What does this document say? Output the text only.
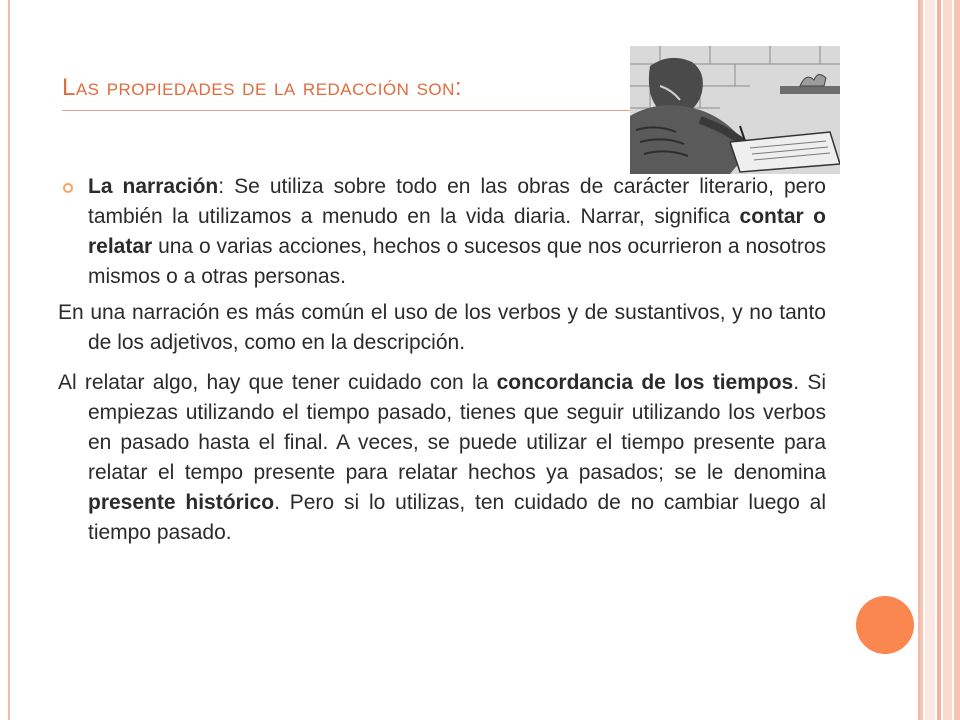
Las propiedades de la redacción son:

La narración: Se utiliza sobre todo en las obras de carácter literario, pero también la utilizamos a menudo en la vida diaria. Narrar, significa contar o relatar una o varias acciones, hechos o sucesos que nos ocurrieron a nosotros mismos o a otras personas.

En una narración es más común el uso de los verbos y de sustantivos, y no tanto de los adjetivos, como en la descripción.

Al relatar algo, hay que tener cuidado con la concordancia de los tiempos. Si empiezas utilizando el tiempo pasado, tienes que seguir utilizando los verbos en pasado hasta el final. A veces, se puede utilizar el tiempo presente para relatar el tempo presente para relatar hechos ya pasados; se le denomina presente histórico. Pero si lo utilizas, ten cuidado de no cambiar luego al tiempo pasado.
